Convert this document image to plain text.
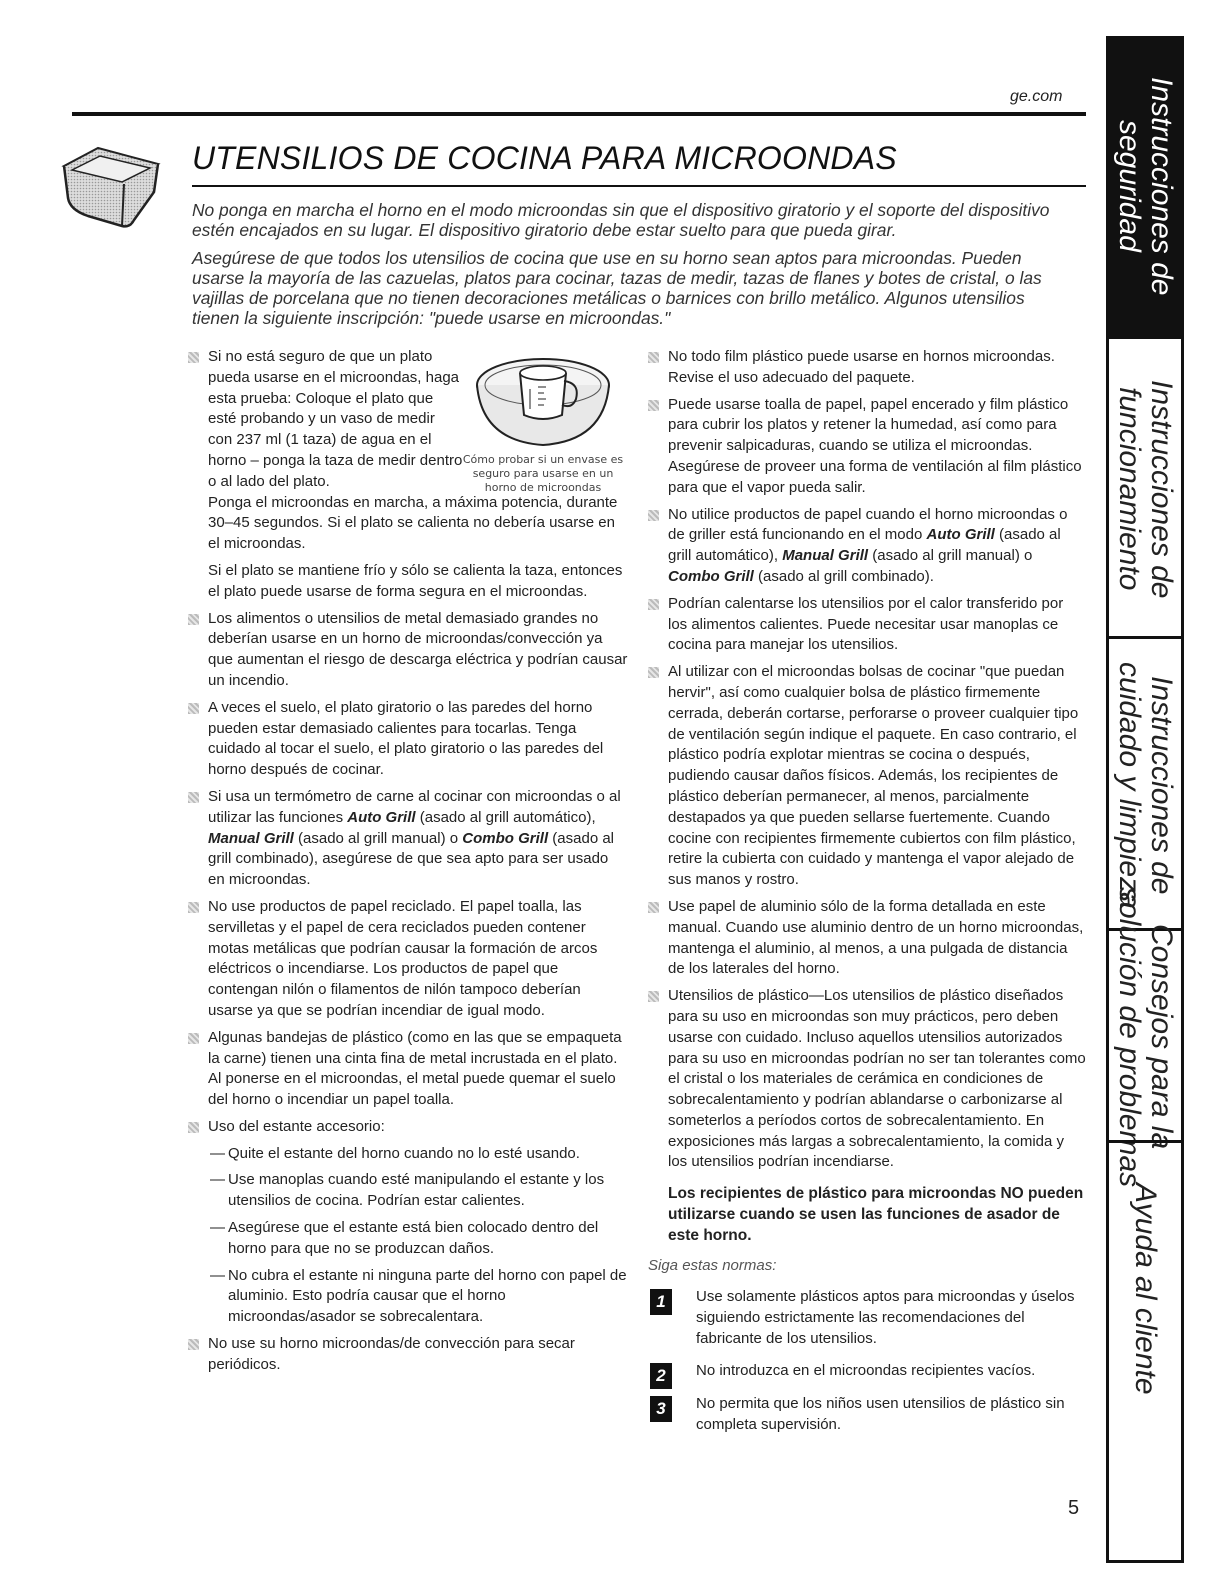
ge.com
UTENSILIOS DE COCINA PARA MICROONDAS
No ponga en marcha el horno en el modo microondas sin que el dispositivo giratorio y el soporte del dispositivo estén encajados en su lugar. El dispositivo giratorio debe estar suelto para que pueda girar.
Asegúrese de que todos los utensilios de cocina que use en su horno sean aptos para microondas. Pueden usarse la mayoría de las cazuelas, platos para cocinar, tazas de medir, tazas de flanes y botes de cristal, o las vajillas de porcelana que no tienen decoraciones metálicas o barnices con brillo metálico. Algunos utensilios tienen la siguiente inscripción: "puede usarse en microondas."
Si no está seguro de que un plato pueda usarse en el microondas, haga esta prueba: Coloque el plato que esté probando y un vaso de medir con 237 ml (1 taza) de agua en el horno – ponga la taza de medir dentro o al lado del plato.
Cómo probar si un envase es seguro para usarse en un horno de microondas
Ponga el microondas en marcha, a máxima potencia, durante 30–45 segundos. Si el plato se calienta no debería usarse en el microondas.
Si el plato se mantiene frío y sólo se calienta la taza, entonces el plato puede usarse de forma segura en el microondas.
Los alimentos o utensilios de metal demasiado grandes no deberían usarse en un horno de microondas/convección ya que aumentan el riesgo de descarga eléctrica y podrían causar un incendio.
A veces el suelo, el plato giratorio o las paredes del horno pueden estar demasiado calientes para tocarlas. Tenga cuidado al tocar el suelo, el plato giratorio o las paredes del horno después de cocinar.
Si usa un termómetro de carne al cocinar con microondas o al utilizar las funciones Auto Grill (asado al grill automático), Manual Grill (asado al grill manual) o Combo Grill (asado al grill combinado), asegúrese de que sea apto para ser usado en microondas.
No use productos de papel reciclado. El papel toalla, las servilletas y el papel de cera reciclados pueden contener motas metálicas que podrían causar la formación de arcos eléctricos o incendiarse. Los productos de papel que contengan nilón o filamentos de nilón tampoco deberían usarse ya que se podrían incendiar de igual modo.
Algunas bandejas de plástico (como en las que se empaqueta la carne) tienen una cinta fina de metal incrustada en el plato. Al ponerse en el microondas, el metal puede quemar el suelo del horno o incendiar un papel toalla.
Uso del estante accesorio:
— Quite el estante del horno cuando no lo esté usando.
— Use manoplas cuando esté manipulando el estante y los utensilios de cocina. Podrían estar calientes.
— Asegúrese que el estante está bien colocado dentro del horno para que no se produzcan daños.
— No cubra el estante ni ninguna parte del horno con papel de aluminio. Esto podría causar que el horno microondas/asador se sobrecalentara.
No use su horno microondas/de convección para secar periódicos.
No todo film plástico puede usarse en hornos microondas. Revise el uso adecuado del paquete.
Puede usarse toalla de papel, papel encerado y film plástico para cubrir los platos y retener la humedad, así como para prevenir salpicaduras, cuando se utiliza el microondas. Asegúrese de proveer una forma de ventilación al film plástico para que el vapor pueda salir.
No utilice productos de papel cuando el horno microondas o de griller está funcionando en el modo Auto Grill (asado al grill automático), Manual Grill (asado al grill manual) o Combo Grill (asado al grill combinado).
Podrían calentarse los utensilios por el calor transferido por los alimentos calientes. Puede necesitar usar manoplas ce cocina para manejar los utensilios.
Al utilizar con el microondas bolsas de cocinar "que puedan hervir", así como cualquier bolsa de plástico firmemente cerrada, deberán cortarse, perforarse o proveer cualquier tipo de ventilación según indique el paquete. En caso contrario, el plástico podría explotar mientras se cocina o después, pudiendo causar daños físicos. Además, los recipientes de plástico deberían permanecer, al menos, parcialmente destapados ya que pueden sellarse fuertemente. Cuando cocine con recipientes firmemente cubiertos con film plástico, retire la cubierta con cuidado y mantenga el vapor alejado de sus manos y rostro.
Use papel de aluminio sólo de la forma detallada en este manual. Cuando use aluminio dentro de un horno microondas, mantenga el aluminio, al menos, a una pulgada de distancia de los laterales del horno.
Utensilios de plástico—Los utensilios de plástico diseñados para su uso en microondas son muy prácticos, pero deben usarse con cuidado. Incluso aquellos utensilios autorizados para su uso en microondas podrían no ser tan tolerantes como el cristal o los materiales de cerámica en condiciones de sobrecalentamiento y podrían ablandarse o carbonizarse al someterlos a períodos cortos de sobrecalentamiento. En exposiciones más largas a sobrecalentamiento, la comida y los utensilios podrían incendiarse.
Los recipientes de plástico para microondas NO pueden utilizarse cuando se usen las funciones de asador de este horno.
Siga estas normas:
1	Use solamente plásticos aptos para microondas y úselos siguiendo estrictamente las recomendaciones del fabricante de los utensilios.
2	No introduzca en el microondas recipientes vacíos.
3	No permita que los niños usen utensilios de plástico sin completa supervisión.
5
Instrucciones de
seguridad
Instrucciones de
funcionamiento
Instrucciones de
cuidado y limpieza
Consejos para la
solución de problemas
Ayuda al cliente
